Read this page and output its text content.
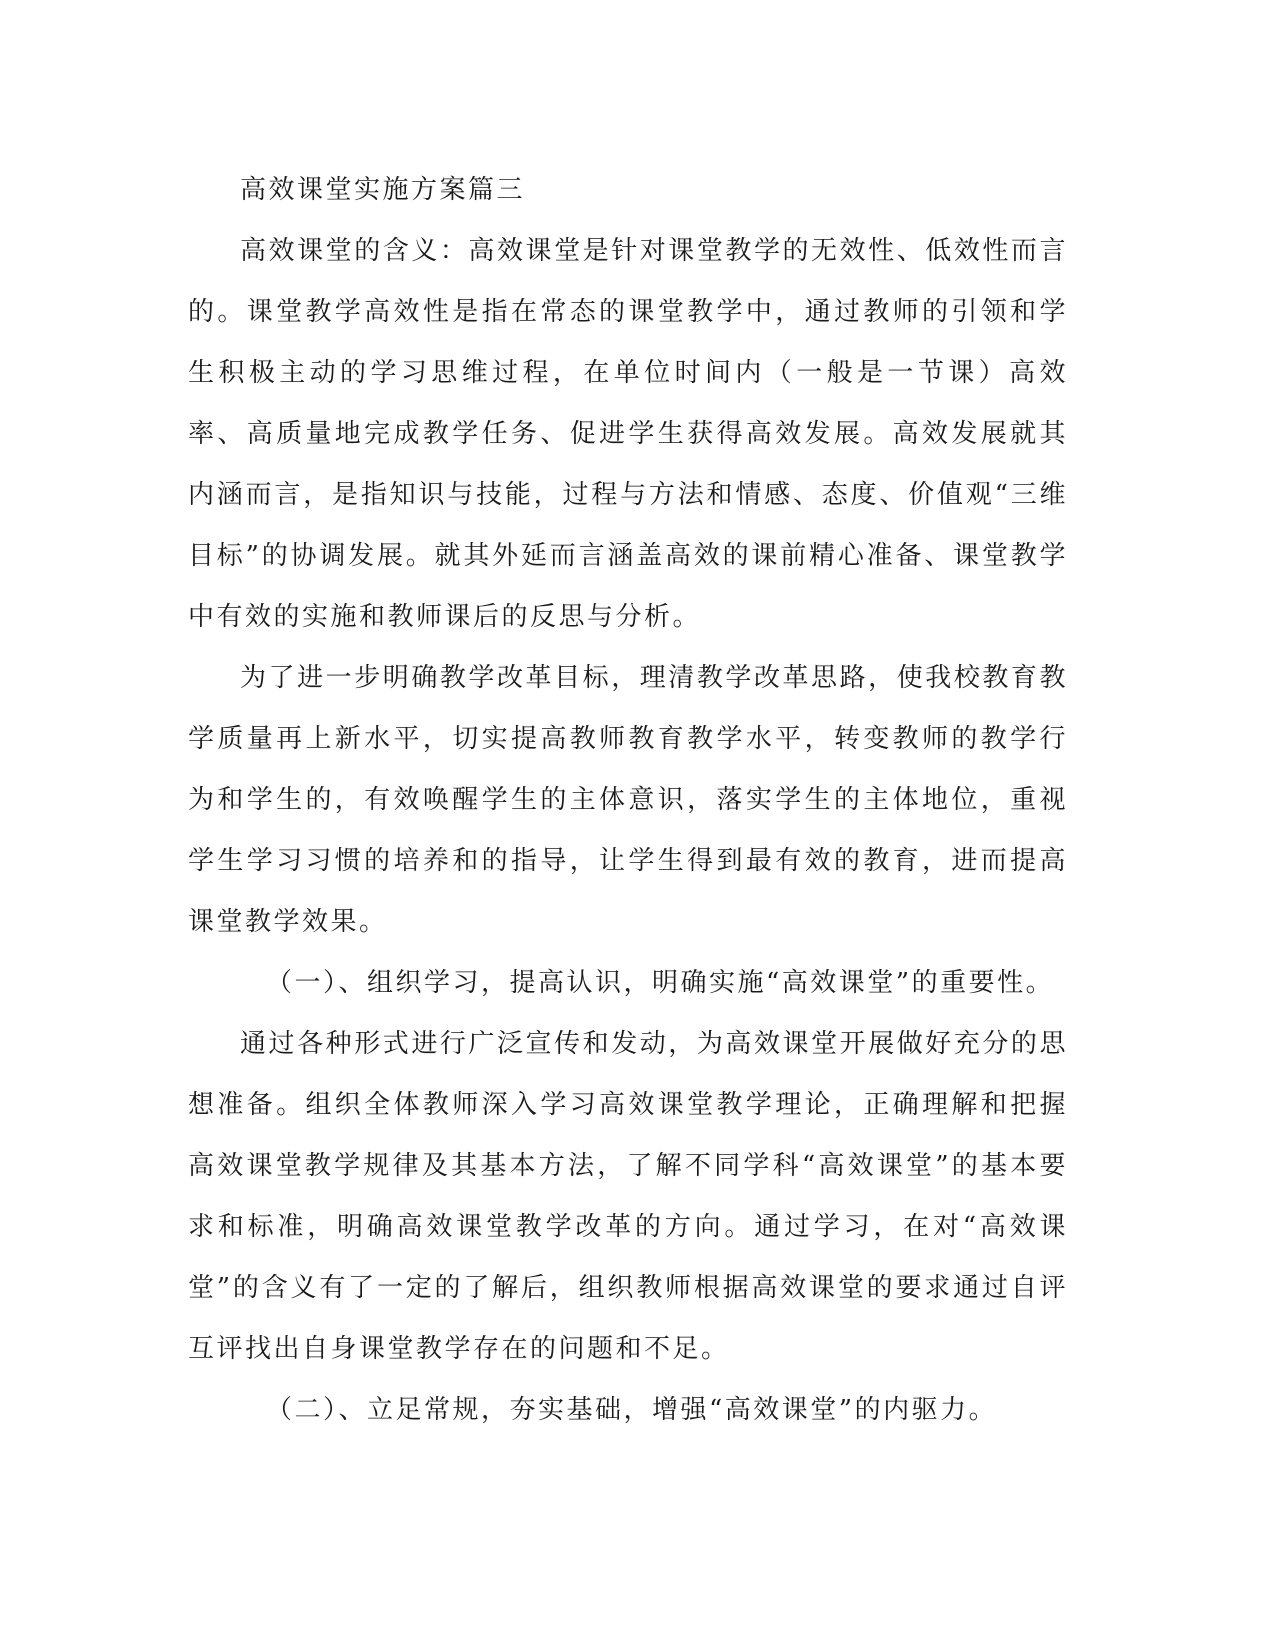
高效课堂实施方案篇三

高效课堂的含义：高效课堂是针对课堂教学的无效性、低效性而言的。课堂教学高效性是指在常态的课堂教学中，通过教师的引领和学生积极主动的学习思维过程，在单位时间内（一般是一节课）高效率、高质量地完成教学任务、促进学生获得高效发展。高效发展就其内涵而言，是指知识与技能，过程与方法和情感、态度、价值观“三维目标”的协调发展。就其外延而言涵盖高效的课前精心准备、课堂教学中有效的实施和教师课后的反思与分析。

为了进一步明确教学改革目标，理清教学改革思路，使我校教育教学质量再上新水平，切实提高教师教育教学水平，转变教师的教学行为和学生的，有效唤醒学生的主体意识，落实学生的主体地位，重视学生学习习惯的培养和的指导，让学生得到最有效的教育，进而提高课堂教学效果。

（一）、组织学习，提高认识，明确实施“高效课堂”的重要性。

通过各种形式进行广泛宣传和发动，为高效课堂开展做好充分的思想准备。组织全体教师深入学习高效课堂教学理论，正确理解和把握高效课堂教学规律及其基本方法，了解不同学科“高效课堂”的基本要求和标准，明确高效课堂教学改革的方向。通过学习，在对“高效课堂”的含义有了一定的了解后，组织教师根据高效课堂的要求通过自评互评找出自身课堂教学存在的问题和不足。

（二）、立足常规，夯实基础，增强“高效课堂”的内驱力。
